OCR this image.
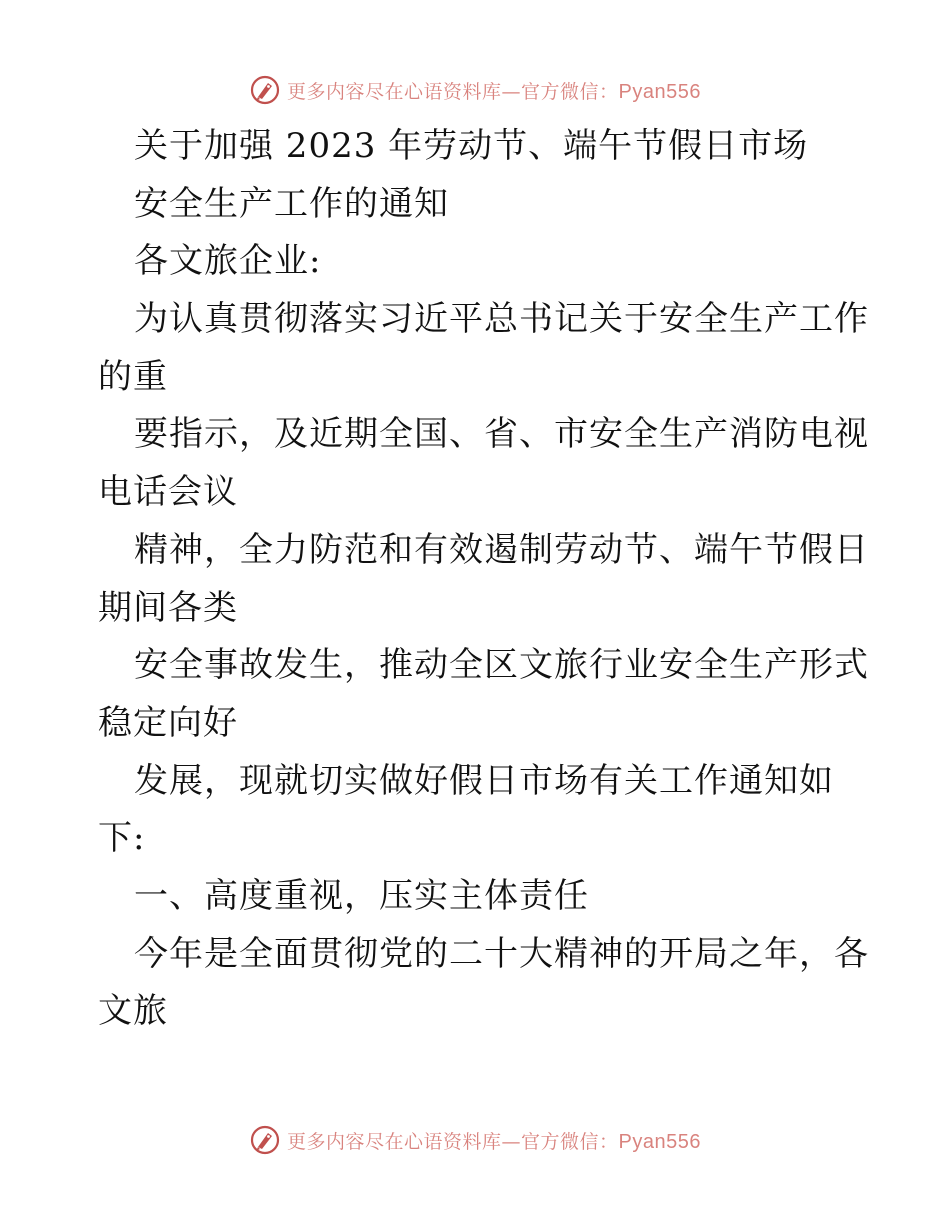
更多内容尽在心语资料库—官方微信：Pyan556
关于加强 2023 年劳动节、端午节假日市场
安全生产工作的通知
各文旅企业:
为认真贯彻落实习近平总书记关于安全生产工作
的重
要指示，及近期全国、省、市安全生产消防电视
电话会议
精神，全力防范和有效遏制劳动节、端午节假日
期间各类
安全事故发生，推动全区文旅行业安全生产形式
稳定向好
发展，现就切实做好假日市场有关工作通知如
下:
一、高度重视，压实主体责任
今年是全面贯彻党的二十大精神的开局之年，各
文旅
更多内容尽在心语资料库—官方微信：Pyan556
